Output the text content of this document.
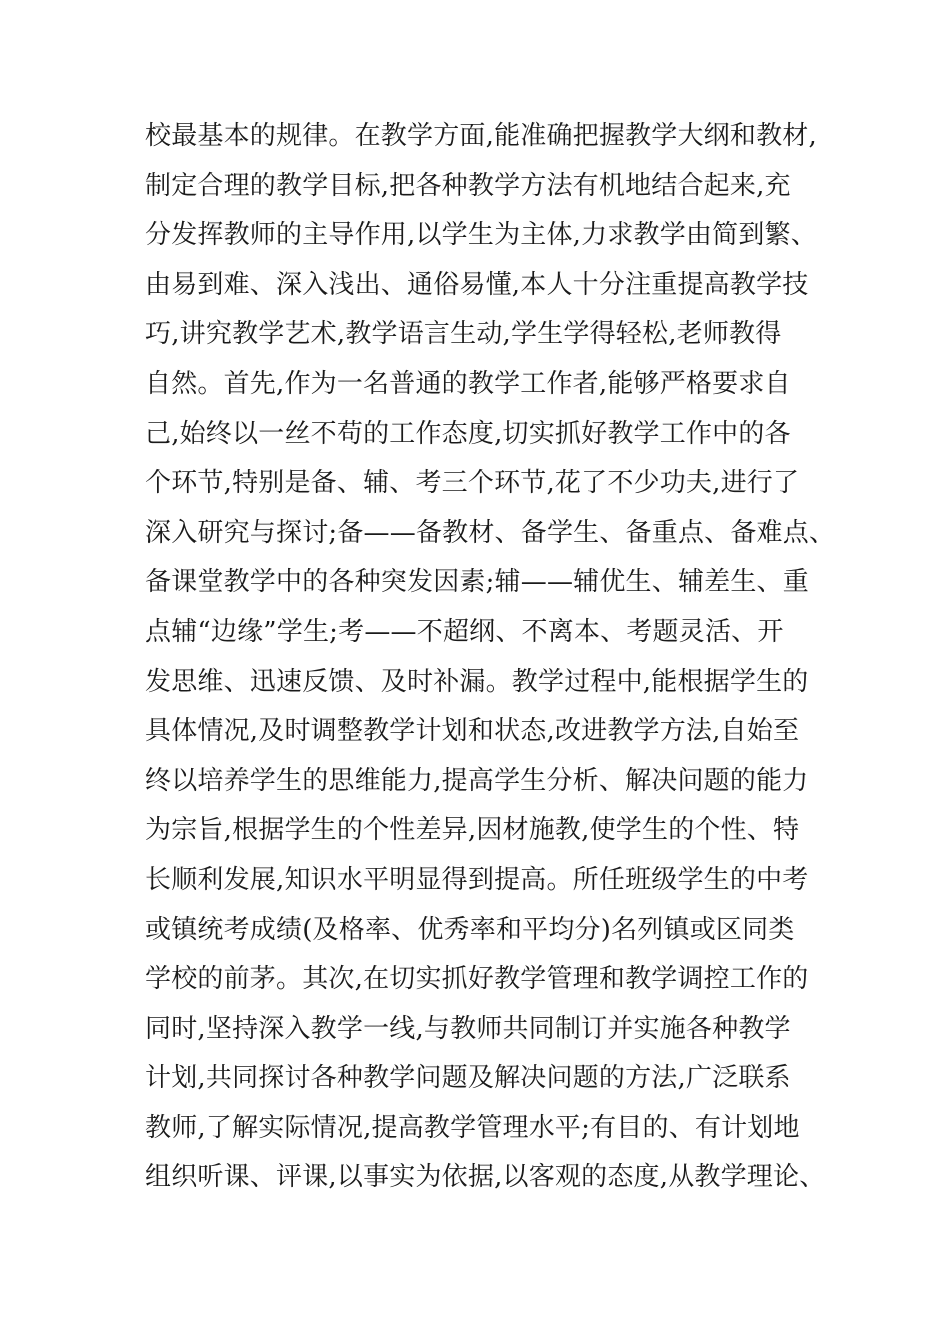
校最基本的规律。在教学方面,能准确把握教学大纲和教材,
制定合理的教学目标,把各种教学方法有机地结合起来,充
分发挥教师的主导作用,以学生为主体,力求教学由简到繁、
由易到难、深入浅出、通俗易懂,本人十分注重提高教学技
巧,讲究教学艺术,教学语言生动,学生学得轻松,老师教得
自然。首先,作为一名普通的教学工作者,能够严格要求自
己,始终以一丝不苟的工作态度,切实抓好教学工作中的各
个环节,特别是备、辅、考三个环节,花了不少功夫,进行了
深入研究与探讨;备——备教材、备学生、备重点、备难点、
备课堂教学中的各种突发因素;辅——辅优生、辅差生、重
点辅“边缘”学生;考——不超纲、不离本、考题灵活、开
发思维、迅速反馈、及时补漏。教学过程中,能根据学生的
具体情况,及时调整教学计划和状态,改进教学方法,自始至
终以培养学生的思维能力,提高学生分析、解决问题的能力
为宗旨,根据学生的个性差异,因材施教,使学生的个性、特
长顺利发展,知识水平明显得到提高。所任班级学生的中考
或镇统考成绩(及格率、优秀率和平均分)名列镇或区同类
学校的前茅。其次,在切实抓好教学管理和教学调控工作的
同时,坚持深入教学一线,与教师共同制订并实施各种教学
计划,共同探讨各种教学问题及解决问题的方法,广泛联系
教师,了解实际情况,提高教学管理水平;有目的、有计划地
组织听课、评课,以事实为依据,以客观的态度,从教学理论、
